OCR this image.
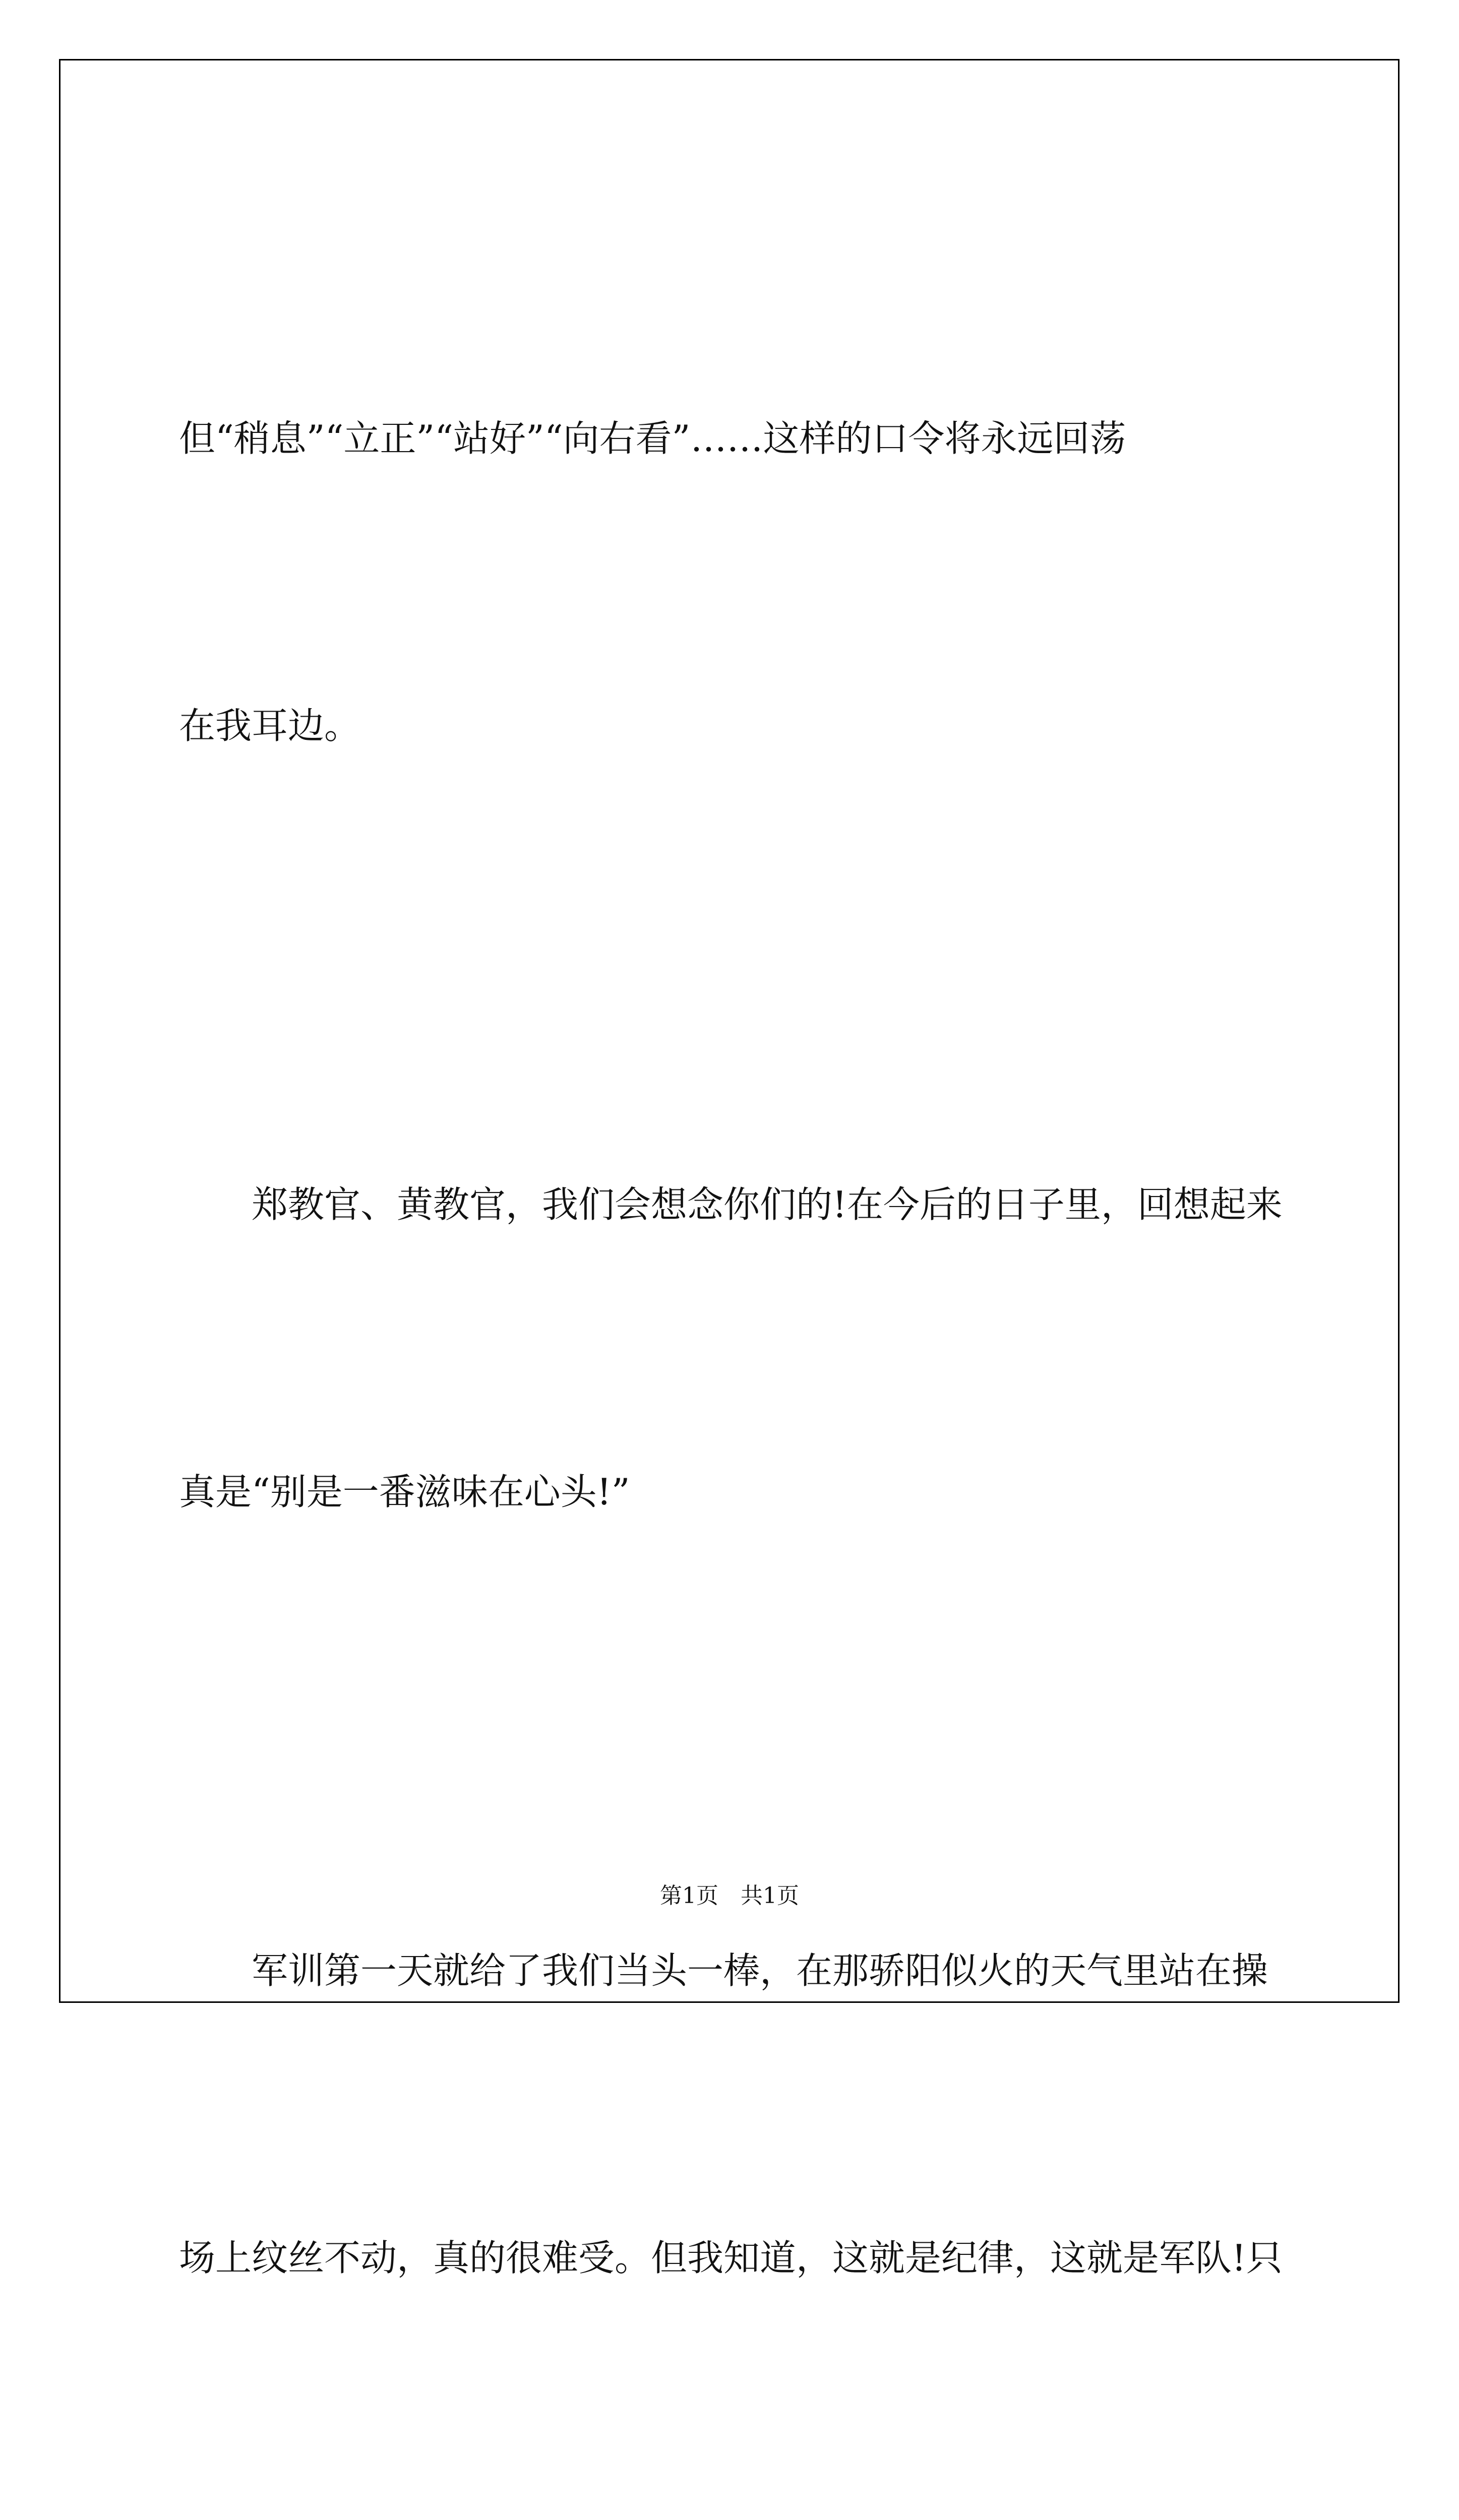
但“稍息”“立正”“站好”“向右看”……这样的口令将永远回荡

在我耳边。

　　郑教官、黄教官，我们会想念你们的!在今后的日子里，回想起来

真是“别是一番滋味在心头!”

　　军训第一天就给了我们当头一棒，在那骄阳似火的天气里站在操

场上纹丝不动，真的很难受。但我知道，这就是纪律，这就是军队!只

第1页　共1页
